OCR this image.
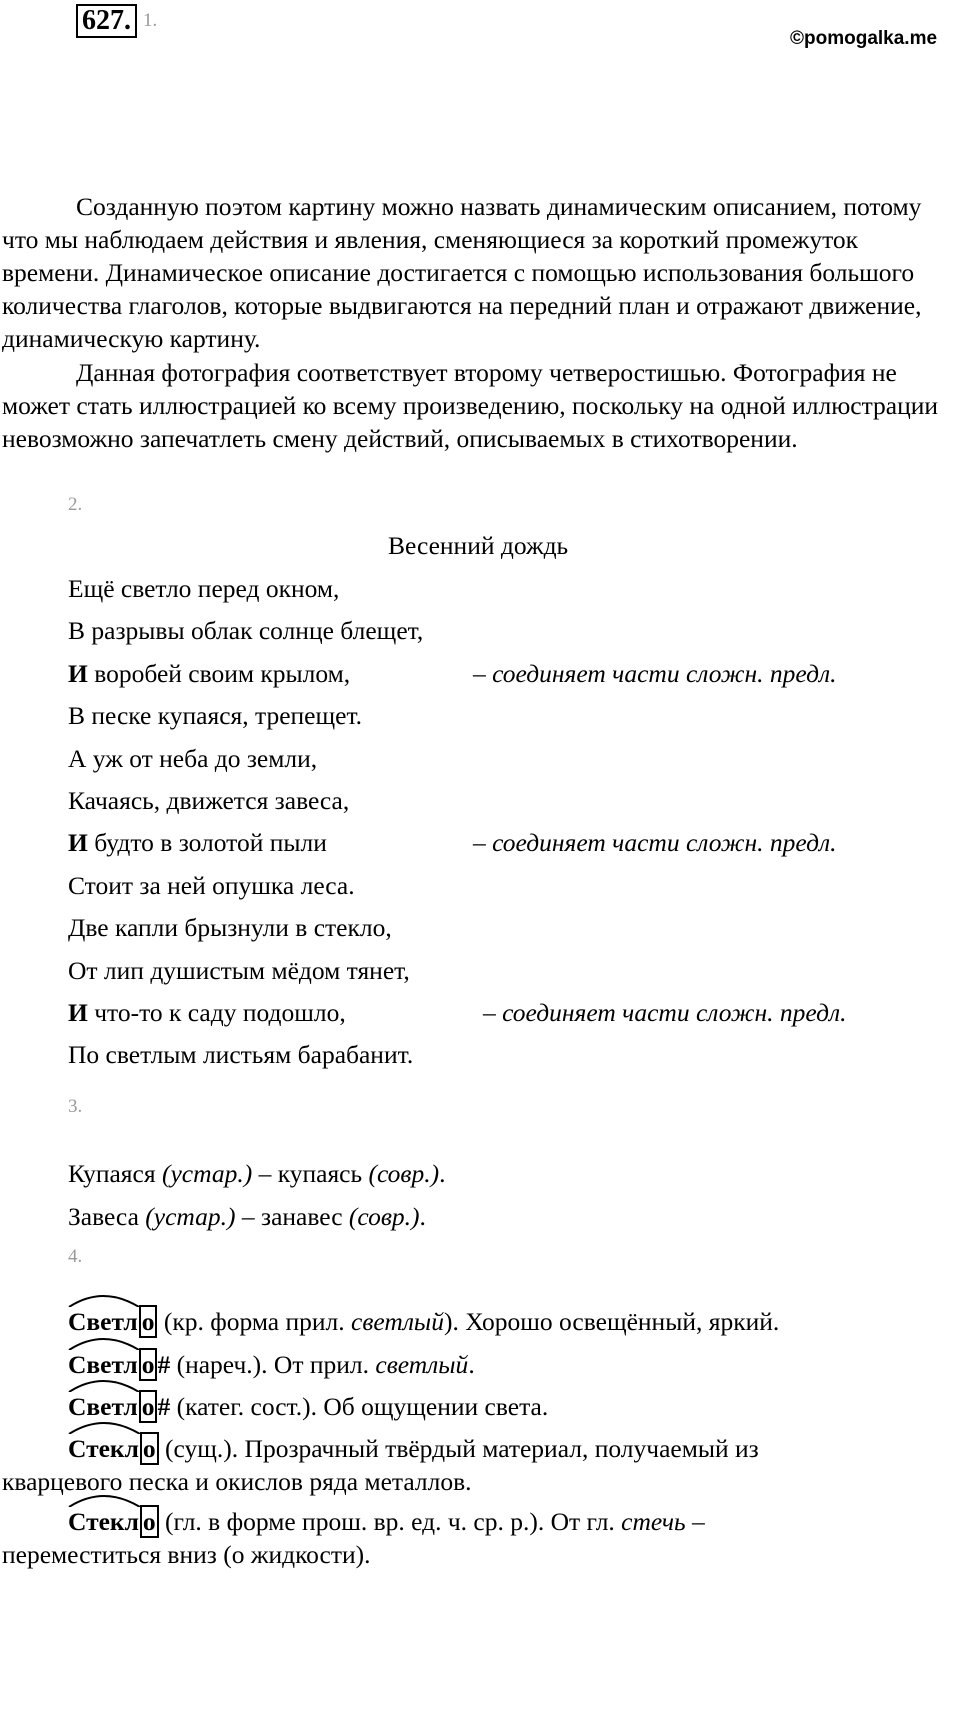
627. 1.
©pomogalka.me
Созданную поэтом картину можно назвать динамическим описанием, потому что мы наблюдаем действия и явления, сменяющиеся за короткий промежуток времени. Динамическое описание достигается с помощью использования большого количества глаголов, которые выдвигаются на передний план и отражают движение, динамическую картину.
Данная фотография соответствует второму четверостишью. Фотография не может стать иллюстрацией ко всему произведению, поскольку на одной иллюстрации невозможно запечатлеть смену действий, описываемых в стихотворении.
2.
Весенний дождь
Ещё светло перед окном,
В разрывы облак солнце блещет,
И воробей своим крылом,	– соединяет части сложн. предл.
В песке купаяся, трепещет.
А уж от неба до земли,
Качаясь, движется завеса,
И будто в золотой пыли	– соединяет части сложн. предл.
Стоит за ней опушка леса.
Две капли брызнули в стекло,
От лип душистым мёдом тянет,
И что-то к саду подошло,	– соединяет части сложн. предл.
По светлым листьям барабанит.
3.
Купаяся (устар.) – купаясь (совр.).
Завеса (устар.) – занавес (совр.).
4.
Светл о
(кр. форма прил. светлый). Хорошо освещённый, яркий.
Светл о # (нареч.). От прил. светлый.
Светл о # (катег. сост.). Об ощущении света.
Стекл о
(сущ.). Прозрачный твёрдый материал, получаемый из
кварцевого песка и окислов ряда металлов.
Стекл о
(гл. в форме прош. вр. ед. ч. ср. р.). От гл. стечь –
переместиться вниз (о жидкости).
